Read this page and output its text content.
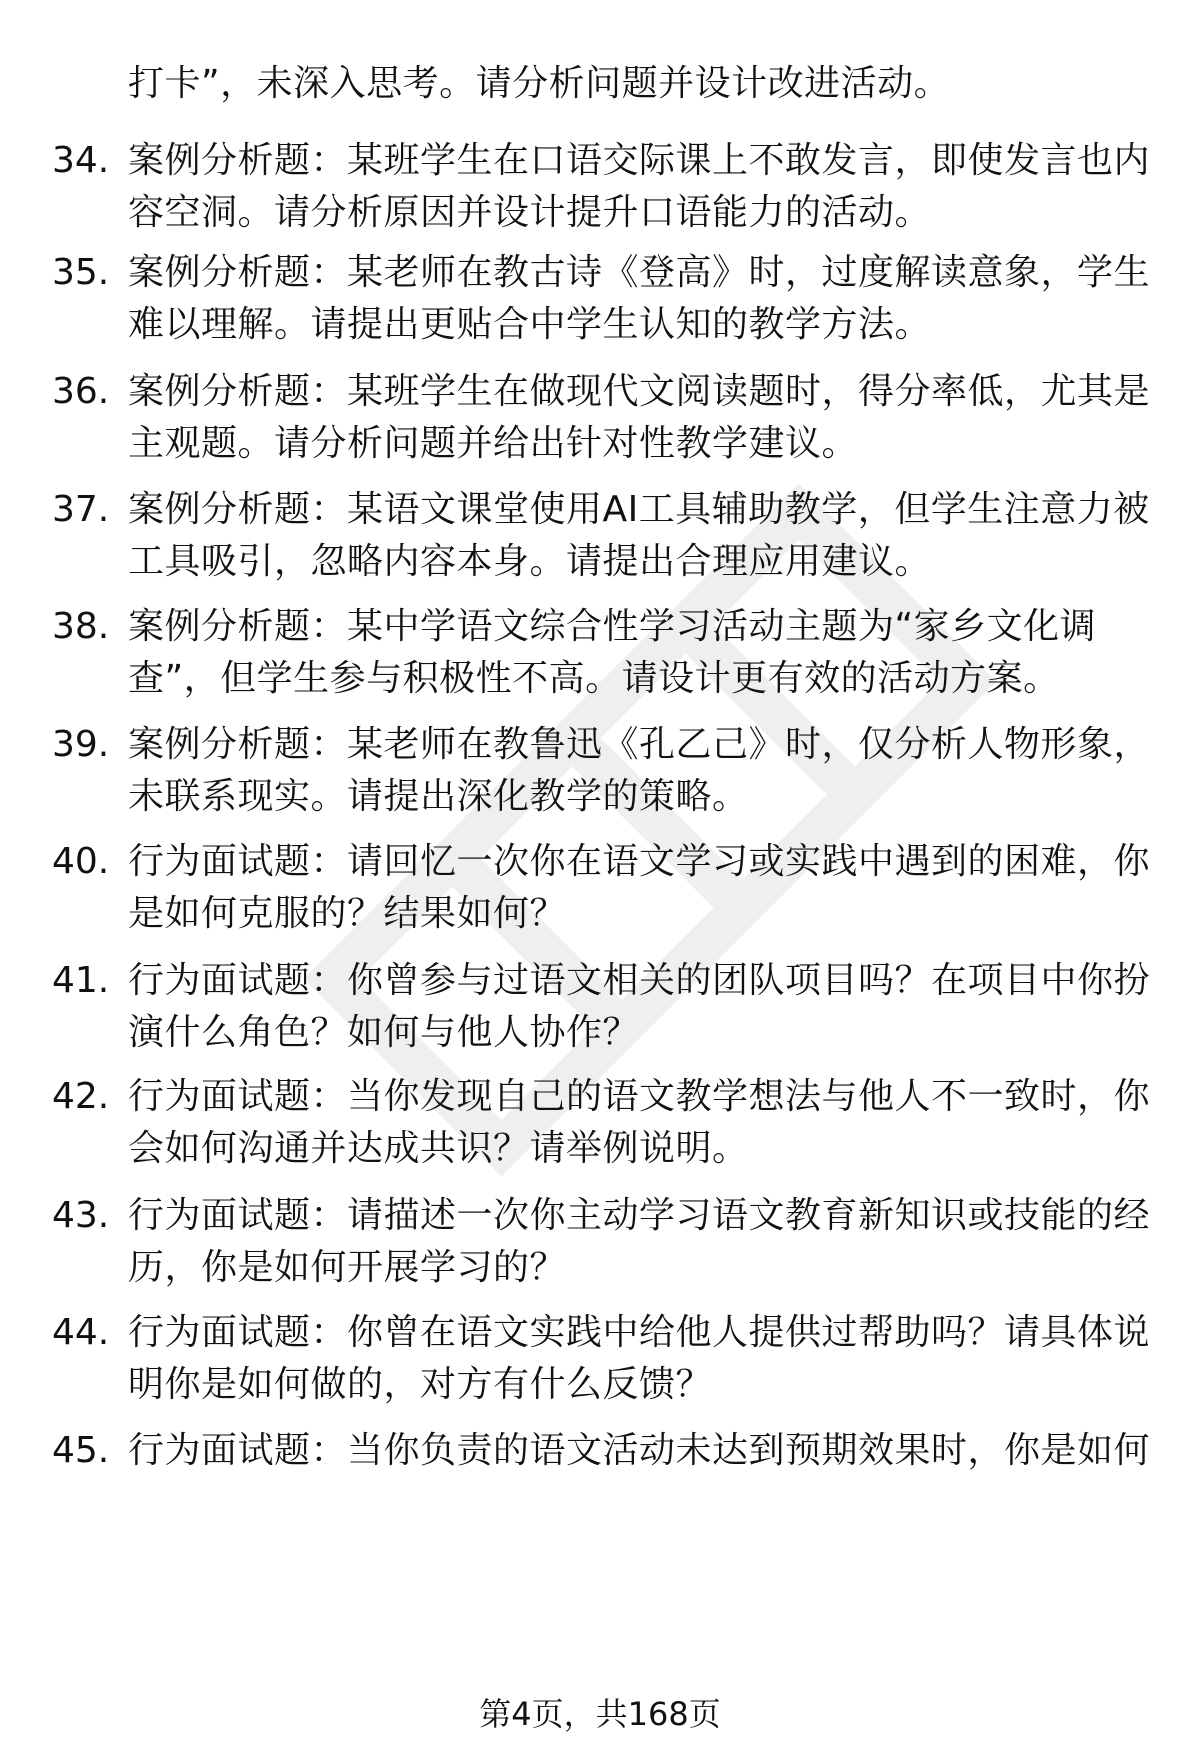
打卡”，未深入思考。请分析问题并设计改进活动。
34. 案例分析题：某班学生在口语交际课上不敢发言，即使发言也内
容空洞。请分析原因并设计提升口语能力的活动。
35. 案例分析题：某老师在教古诗《登高》时，过度解读意象，学生
难以理解。请提出更贴合中学生认知的教学方法。
36. 案例分析题：某班学生在做现代文阅读题时，得分率低，尤其是
主观题。请分析问题并给出针对性教学建议。
37. 案例分析题：某语文课堂使用AI工具辅助教学，但学生注意力被
工具吸引，忽略内容本身。请提出合理应用建议。
38. 案例分析题：某中学语文综合性学习活动主题为“家乡文化调
查”，但学生参与积极性不高。请设计更有效的活动方案。
39. 案例分析题：某老师在教鲁迅《孔乙己》时，仅分析人物形象，
未联系现实。请提出深化教学的策略。
40. 行为面试题：请回忆一次你在语文学习或实践中遇到的困难，你
是如何克服的？结果如何？
41. 行为面试题：你曾参与过语文相关的团队项目吗？在项目中你扮
演什么角色？如何与他人协作？
42. 行为面试题：当你发现自己的语文教学想法与他人不一致时，你
会如何沟通并达成共识？请举例说明。
43. 行为面试题：请描述一次你主动学习语文教育新知识或技能的经
历，你是如何开展学习的？
44. 行为面试题：你曾在语文实践中给他人提供过帮助吗？请具体说
明你是如何做的，对方有什么反馈？
45. 行为面试题：当你负责的语文活动未达到预期效果时，你是如何
第4页，共168页
